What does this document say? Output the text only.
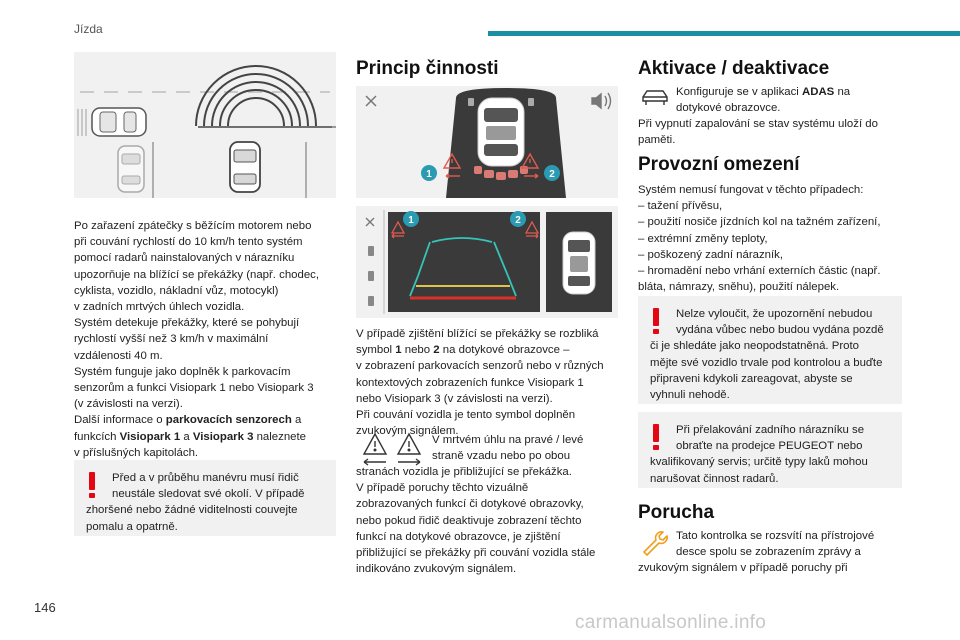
Jízda

Po zařazení zpátečky s běžícím motorem nebo

při couvání rychlostí do 10 km/h tento systém

pomocí radarů nainstalovaných v nárazníku

upozorňuje na blížící se překážky (např. chodec,

cyklista, vozidlo, nákladní vůz, motocykl)

v zadních mrtvých úhlech vozidla.

Systém detekuje překážky, které se pohybují

rychlostí vyšší než 3 km/h v maximální

vzdálenosti 40 m.

Systém funguje jako doplněk k parkovacím

senzorům a funkci Visiopark 1 nebo Visiopark 3

(v závislosti na verzi).

Další informace o parkovacích senzorech a

funkcích Visiopark 1 a Visiopark 3 naleznete

v příslušných kapitolách.

Před a v průběhu manévru musí řidič

neustále sledovat své okolí. V případě

zhoršené nebo žádné viditelnosti couvejte

pomalu a opatrně.

146
Princip činnosti
1	2
1	2

V případě zjištění blížící se překážky se rozbliká

symbol 1 nebo 2 na dotykové obrazovce –

v zobrazení parkovacích senzorů nebo v různých

kontextových zobrazeních funkce Visiopark 1

nebo Visiopark 3 (v závislosti na verzi).

Při couvání vozidla je tento symbol doplněn

zvukovým signálem.

V mrtvém úhlu na pravé / levé

straně vzadu nebo po obou

stranách vozidla je přibližující se překážka.

V případě poruchy těchto vizuálně

zobrazovaných funkcí či dotykové obrazovky,

nebo pokud řidič deaktivuje zobrazení těchto

funkcí na dotykové obrazovce, je zjištění

přibližující se překážky při couvání vozidla stále

indikováno zvukovým signálem.

Aktivace / deaktivace

Konfiguruje se v aplikaci ADAS na

dotykové obrazovce.

Při vypnutí zapalování se stav systému uloží do

paměti.

Provozní omezení

Systém nemusí fungovat v těchto případech:

– tažení přívěsu,

– použití nosiče jízdních kol na tažném zařízení,

– extrémní změny teploty,

– poškozený zadní nárazník,

– hromadění nebo vrhání externích částic (např.

bláta, námrazy, sněhu), použití nálepek.

Nelze vyloučit, že upozornění nebudou

vydána vůbec nebo budou vydána pozdě

či je shledáte jako neopodstatněná. Proto

mějte své vozidlo trvale pod kontrolou a buďte

připraveni kdykoli zareagovat, abyste se

vyhnuli nehodě.

Při přelakování zadního nárazníku se

obraťte na prodejce PEUGEOT nebo

kvalifikovaný servis; určitě typy laků mohou

narušovat činnost radarů.

Porucha

Tato kontrolka se rozsvítí na přístrojové

desce spolu se zobrazením zprávy a

zvukovým signálem v případě poruchy při

carmanualsonline.info
